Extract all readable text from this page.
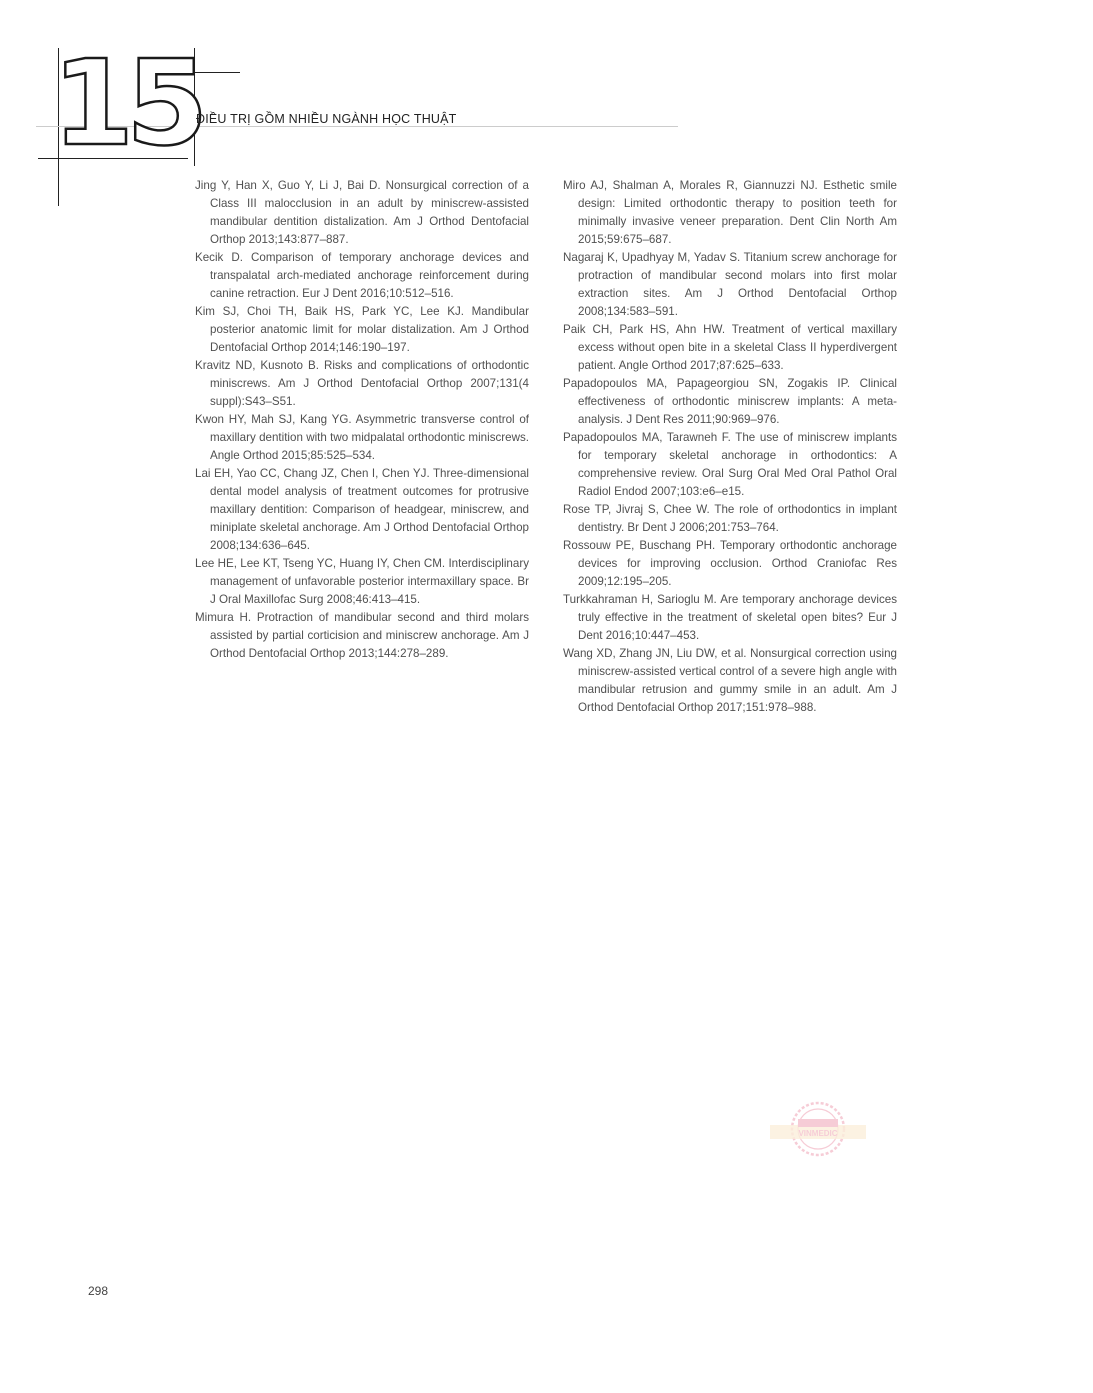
15
ĐIỀU TRỊ GỒM NHIỀU NGÀNH HỌC THUẬT
Jing Y, Han X, Guo Y, Li J, Bai D. Nonsurgical correction of a Class III malocclusion in an adult by miniscrew-assisted mandibular dentition distalization. Am J Orthod Dentofacial Orthop 2013;143:877–887.
Kecik D. Comparison of temporary anchorage devices and transpalatal arch-mediated anchorage reinforcement during canine retraction. Eur J Dent 2016;10:512–516.
Kim SJ, Choi TH, Baik HS, Park YC, Lee KJ. Mandibular posterior anatomic limit for molar distalization. Am J Orthod Dentofacial Orthop 2014;146:190–197.
Kravitz ND, Kusnoto B. Risks and complications of orthodontic miniscrews. Am J Orthod Dentofacial Orthop 2007;131(4 suppl):S43–S51.
Kwon HY, Mah SJ, Kang YG. Asymmetric transverse control of maxillary dentition with two midpalatal orthodontic miniscrews. Angle Orthod 2015;85:525–534.
Lai EH, Yao CC, Chang JZ, Chen I, Chen YJ. Three-dimensional dental model analysis of treatment outcomes for protrusive maxillary dentition: Comparison of headgear, miniscrew, and miniplate skeletal anchorage. Am J Orthod Dentofacial Orthop 2008;134:636–645.
Lee HE, Lee KT, Tseng YC, Huang IY, Chen CM. Interdisciplinary management of unfavorable posterior intermaxillary space. Br J Oral Maxillofac Surg 2008;46:413–415.
Mimura H. Protraction of mandibular second and third molars assisted by partial corticision and miniscrew anchorage. Am J Orthod Dentofacial Orthop 2013;144:278–289.
Miro AJ, Shalman A, Morales R, Giannuzzi NJ. Esthetic smile design: Limited orthodontic therapy to position teeth for minimally invasive veneer preparation. Dent Clin North Am 2015;59:675–687.
Nagaraj K, Upadhyay M, Yadav S. Titanium screw anchorage for protraction of mandibular second molars into first molar extraction sites. Am J Orthod Dentofacial Orthop 2008;134:583–591.
Paik CH, Park HS, Ahn HW. Treatment of vertical maxillary excess without open bite in a skeletal Class II hyperdivergent patient. Angle Orthod 2017;87:625–633.
Papadopoulos MA, Papageorgiou SN, Zogakis IP. Clinical effectiveness of orthodontic miniscrew implants: A meta-analysis. J Dent Res 2011;90:969–976.
Papadopoulos MA, Tarawneh F. The use of miniscrew implants for temporary skeletal anchorage in orthodontics: A comprehensive review. Oral Surg Oral Med Oral Pathol Oral Radiol Endod 2007;103:e6–e15.
Rose TP, Jivraj S, Chee W. The role of orthodontics in implant dentistry. Br Dent J 2006;201:753–764.
Rossouw PE, Buschang PH. Temporary orthodontic anchorage devices for improving occlusion. Orthod Craniofac Res 2009;12:195–205.
Turkkahraman H, Sarioglu M. Are temporary anchorage devices truly effective in the treatment of skeletal open bites? Eur J Dent 2016;10:447–453.
Wang XD, Zhang JN, Liu DW, et al. Nonsurgical correction using miniscrew-assisted vertical control of a severe high angle with mandibular retrusion and gummy smile in an adult. Am J Orthod Dentofacial Orthop 2017;151:978–988.
VINMEDIC
298
